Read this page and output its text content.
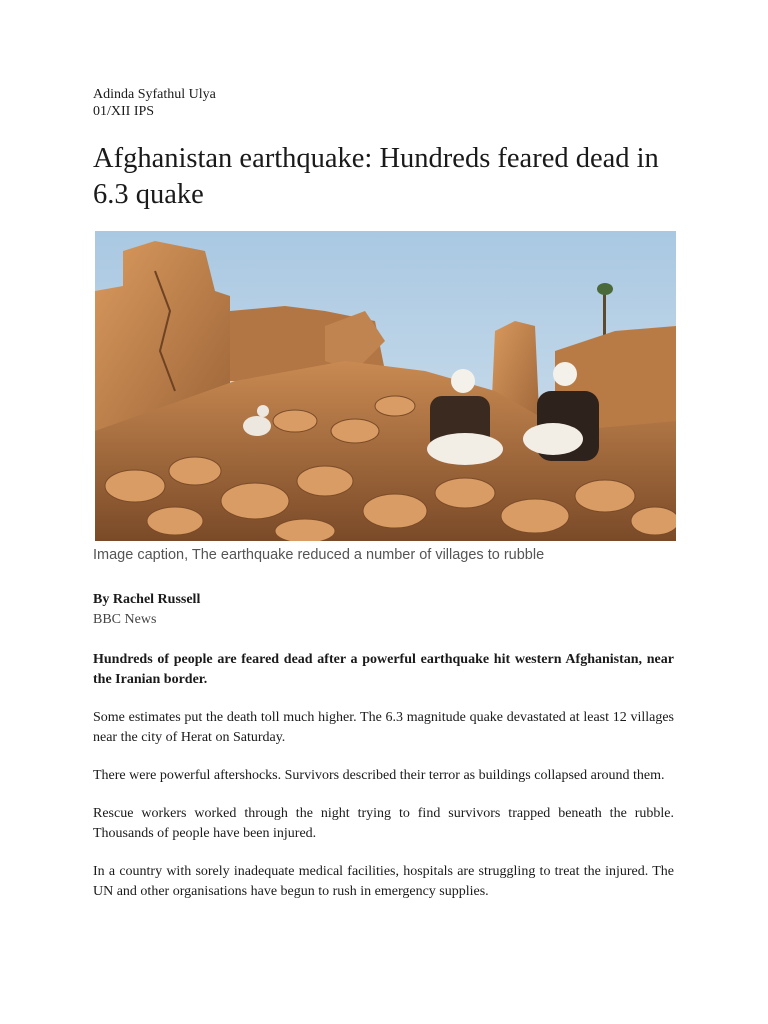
Adinda Syfathul Ulya
01/XII IPS
Afghanistan earthquake: Hundreds feared dead in 6.3 quake
Image caption, The earthquake reduced a number of villages to rubble
By Rachel Russell
BBC News

Hundreds of people are feared dead after a powerful earthquake hit western Afghanistan, near the Iranian border.

Some estimates put the death toll much higher. The 6.3 magnitude quake devastated at least 12 villages near the city of Herat on Saturday.

There were powerful aftershocks. Survivors described their terror as buildings collapsed around them.

Rescue workers worked through the night trying to find survivors trapped beneath the rubble. Thousands of people have been injured.

In a country with sorely inadequate medical facilities, hospitals are struggling to treat the injured. The UN and other organisations have begun to rush in emergency supplies.
